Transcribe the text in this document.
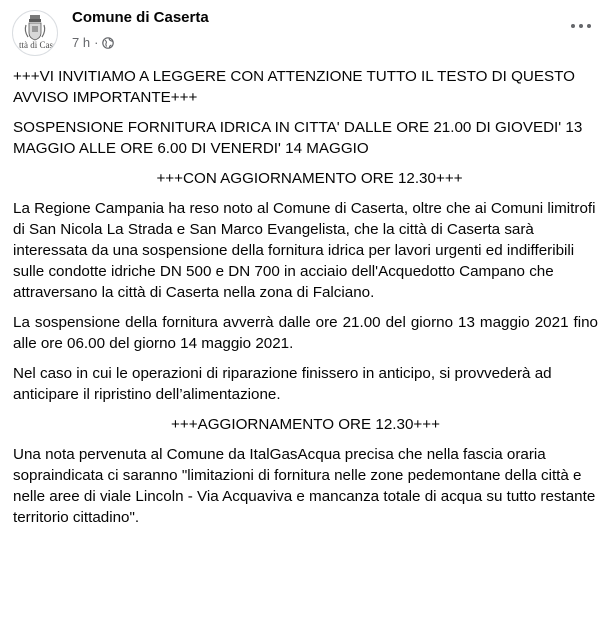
ttà di Case
Comune di Caserta
7 h ·

+++VI INVITIAMO A LEGGERE CON ATTENZIONE TUTTO IL TESTO DI QUESTO AVVISO IMPORTANTE+++

SOSPENSIONE FORNITURA IDRICA IN CITTA' DALLE ORE 21.00 DI GIOVEDI' 13 MAGGIO ALLE ORE 6.00 DI VENERDI' 14 MAGGIO

+++CON AGGIORNAMENTO ORE 12.30+++

La Regione Campania ha reso noto al Comune di Caserta, oltre che ai Comuni limitrofi di San Nicola La Strada e San Marco Evangelista, che la città di Caserta sarà interessata da una sospensione della fornitura idrica per lavori urgenti ed indifferibili sulle condotte idriche DN 500 e DN 700 in acciaio dell'Acquedotto Campano che attraversano la città di Caserta nella zona di Falciano.

La sospensione della fornitura avverrà dalle ore 21.00 del giorno 13 maggio 2021 fino alle ore 06.00 del giorno 14 maggio 2021.

Nel caso in cui le operazioni di riparazione finissero in anticipo, si provvederà ad anticipare il ripristino dell’alimentazione.

+++AGGIORNAMENTO ORE 12.30+++

Una nota pervenuta al Comune da ItalGasAcqua precisa che nella fascia oraria sopraindicata ci saranno "limitazioni di fornitura nelle zone pedemontane della città e nelle aree di viale Lincoln - Via Acquaviva e mancanza totale di acqua su tutto restante territorio cittadino".
